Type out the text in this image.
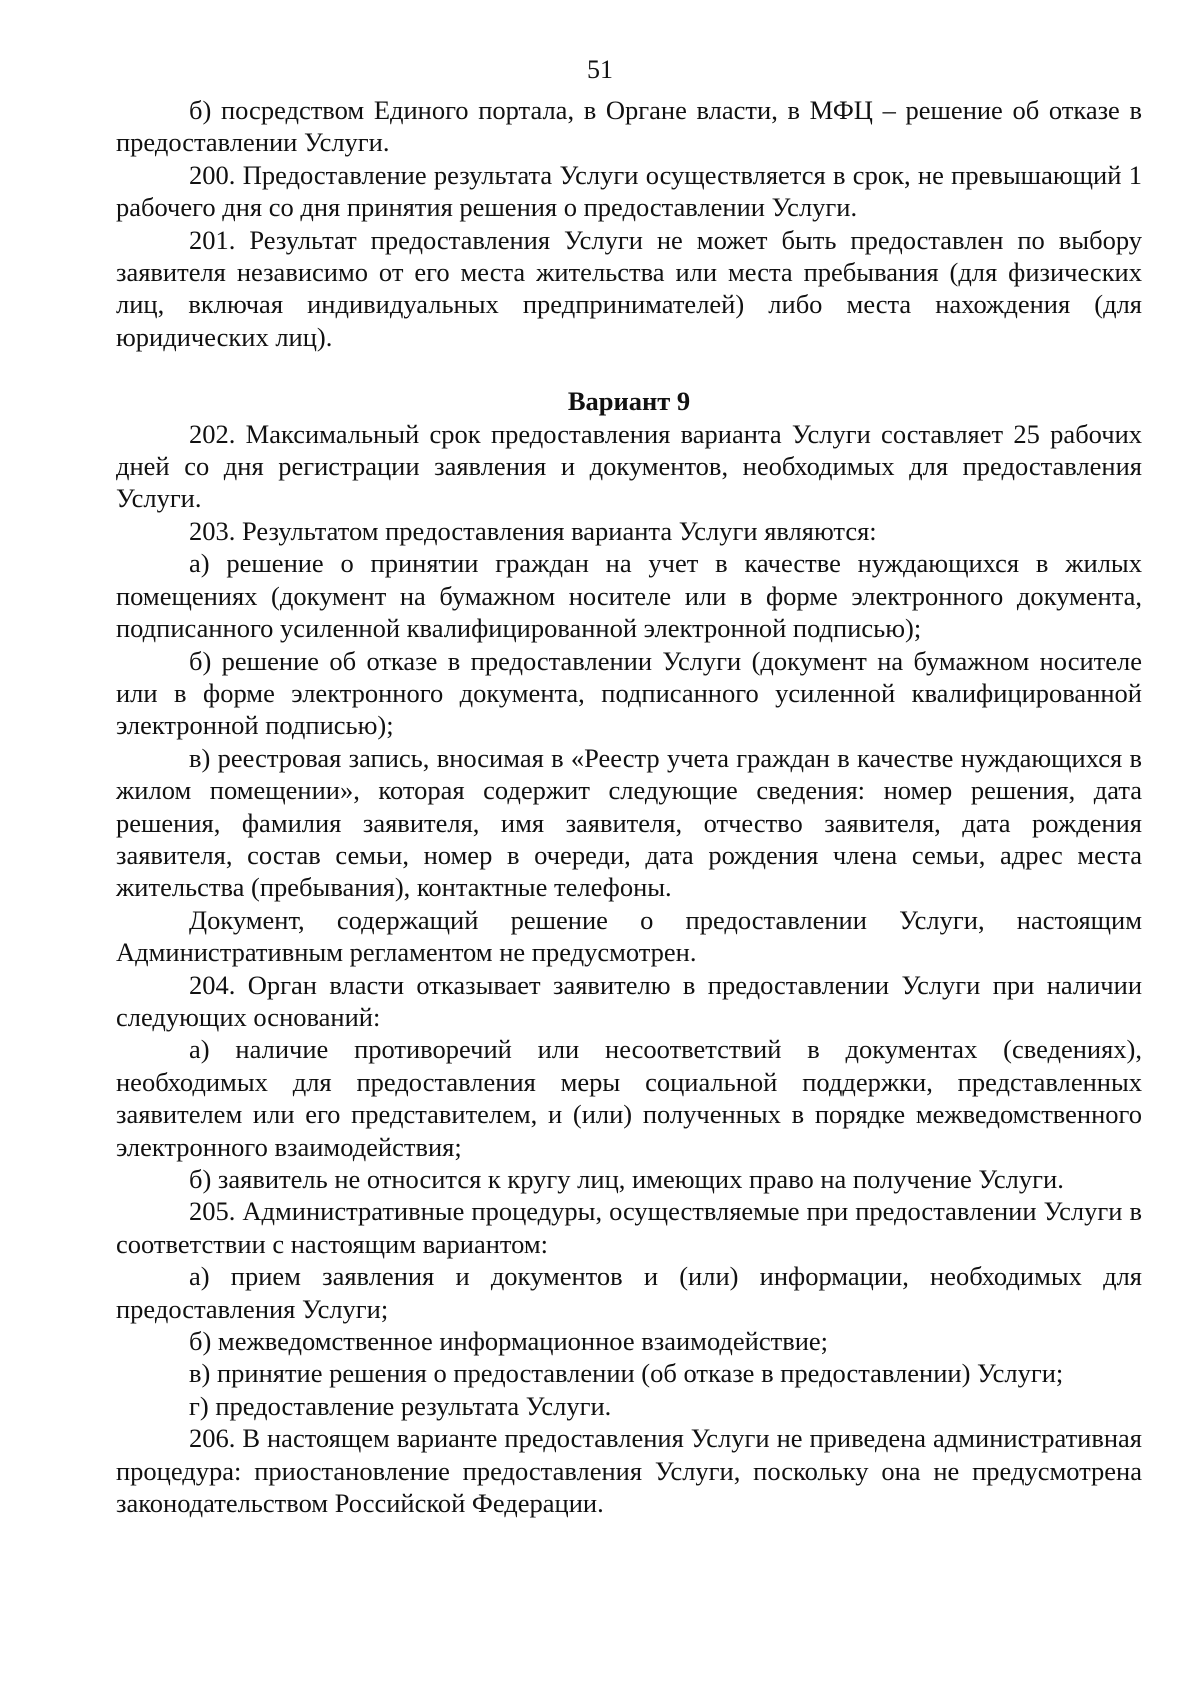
51

б) посредством Единого портала, в Органе власти, в МФЦ – решение об отказе в предоставлении Услуги.

200. Предоставление результата Услуги осуществляется в срок, не превышающий 1 рабочего дня со дня принятия решения о предоставлении Услуги.

201. Результат предоставления Услуги не может быть предоставлен по выбору заявителя независимо от его места жительства или места пребывания (для физических лиц, включая индивидуальных предпринимателей) либо места нахождения (для юридических лиц).

Вариант 9

202. Максимальный срок предоставления варианта Услуги составляет 25 рабочих дней со дня регистрации заявления и документов, необходимых для предоставления Услуги.

203. Результатом предоставления варианта Услуги являются:

а) решение о принятии граждан на учет в качестве нуждающихся в жилых помещениях (документ на бумажном носителе или в форме электронного документа, подписанного усиленной квалифицированной электронной подписью);

б) решение об отказе в предоставлении Услуги (документ на бумажном носителе или в форме электронного документа, подписанного усиленной квалифицированной электронной подписью);

в) реестровая запись, вносимая в «Реестр учета граждан в качестве нуждающихся в жилом помещении», которая содержит следующие сведения: номер решения, дата решения, фамилия заявителя, имя заявителя, отчество заявителя, дата рождения заявителя, состав семьи, номер в очереди, дата рождения члена семьи, адрес места жительства (пребывания), контактные телефоны.

Документ, содержащий решение о предоставлении Услуги, настоящим Административным регламентом не предусмотрен.

204. Орган власти отказывает заявителю в предоставлении Услуги при наличии следующих оснований:

а) наличие противоречий или несоответствий в документах (сведениях), необходимых для предоставления меры социальной поддержки, представленных заявителем или его представителем, и (или) полученных в порядке межведомственного электронного взаимодействия;

б) заявитель не относится к кругу лиц, имеющих право на получение Услуги.

205. Административные процедуры, осуществляемые при предоставлении Услуги в соответствии с настоящим вариантом:

а) прием заявления и документов и (или) информации, необходимых для предоставления Услуги;

б) межведомственное информационное взаимодействие;

в) принятие решения о предоставлении (об отказе в предоставлении) Услуги;

г) предоставление результата Услуги.

206. В настоящем варианте предоставления Услуги не приведена административная процедура: приостановление предоставления Услуги, поскольку она не предусмотрена законодательством Российской Федерации.
